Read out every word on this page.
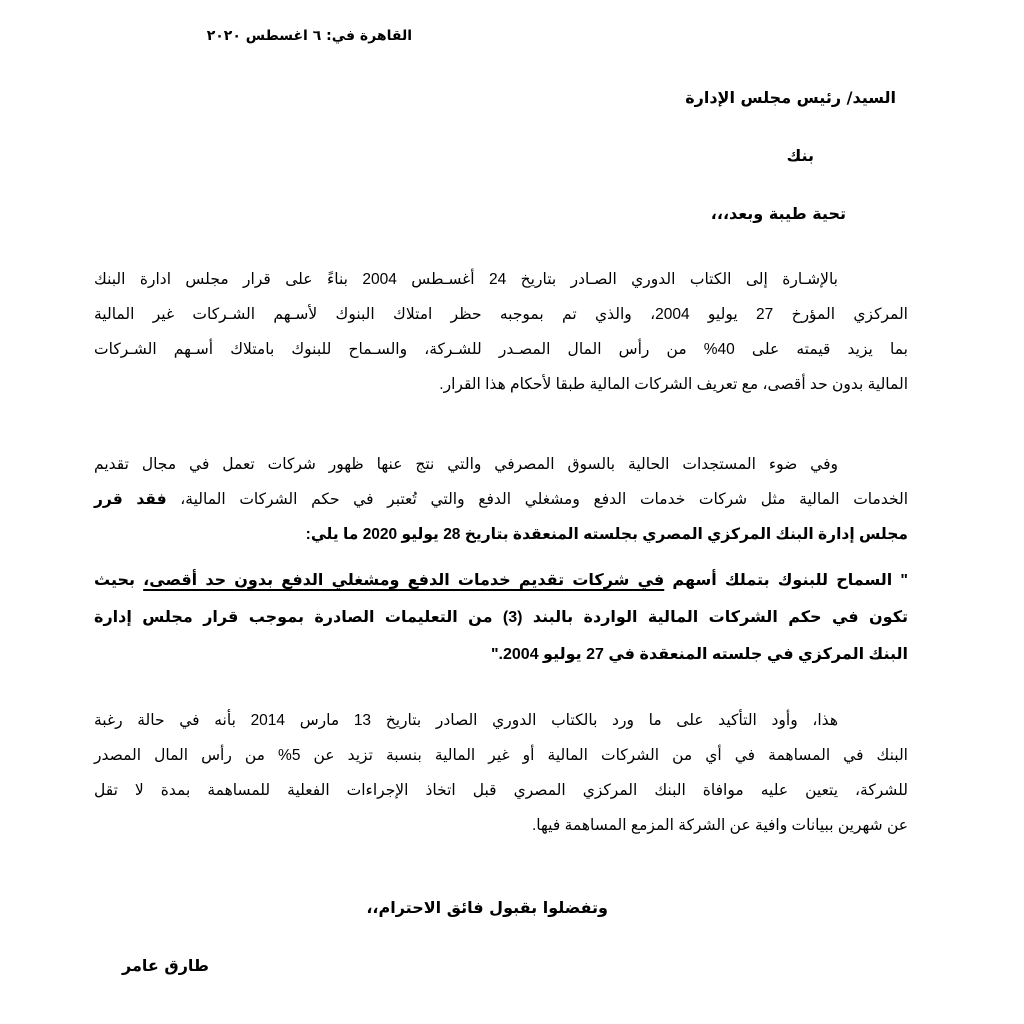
القاهرة في: ٦ اغسطس ٢٠٢٠
السيد/ رئيس مجلس الإدارة
بنك
تحية طيبة وبعد،،،
بالإشـارة إلى الكتاب الدوري الصـادر بتاريخ 24 أغسـطس 2004 بناءً على قرار مجلس ادارة البنك
المركزي المؤرخ 27 يوليو 2004، والذي تم بموجبه حظر امتلاك البنوك لأسـهم الشـركات غير المالية
بما يزيد قيمته على 40% من رأس المال المصـدر للشـركة، والسـماح للبنوك بامتلاك أسـهم الشـركات
المالية بدون حد أقصى، مع تعريف الشركات المالية طبقا لأحكام هذا القرار.
وفي ضوء المستجدات الحالية بالسوق المصرفي والتي نتج عنها ظهور شركات تعمل في مجال تقديم
الخدمات المالية مثل شركات خدمات الدفع ومشغلي الدفع والتي تُعتبر في حكم الشركات المالية، فقد قرر
مجلس إدارة البنك المركزي المصري بجلسته المنعقدة بتاريخ 28 يوليو 2020 ما يلي:
" السماح للبنوك بتملك أسهم في شركات تقديم خدمات الدفع ومشغلي الدفع بدون حد أقصى، بحيث
تكون في حكم الشركات المالية الواردة بالبند (3) من التعليمات الصادرة بموجب قرار مجلس إدارة
البنك المركزي في جلسته المنعقدة في 27 يوليو 2004."
هذا، وأود التأكيد على ما ورد بالكتاب الدوري الصادر بتاريخ 13 مارس 2014 بأنه في حالة رغبة
البنك في المساهمة في أي من الشركات المالية أو غير المالية بنسبة تزيد عن 5% من رأس المال المصدر
للشركة، يتعين عليه موافاة البنك المركزي المصري قبل اتخاذ الإجراءات الفعلية للمساهمة بمدة لا تقل
عن شهرين ببيانات وافية عن الشركة المزمع المساهمة فيها.
وتفضلوا بقبول فائق الاحترام،،
طارق عامر
